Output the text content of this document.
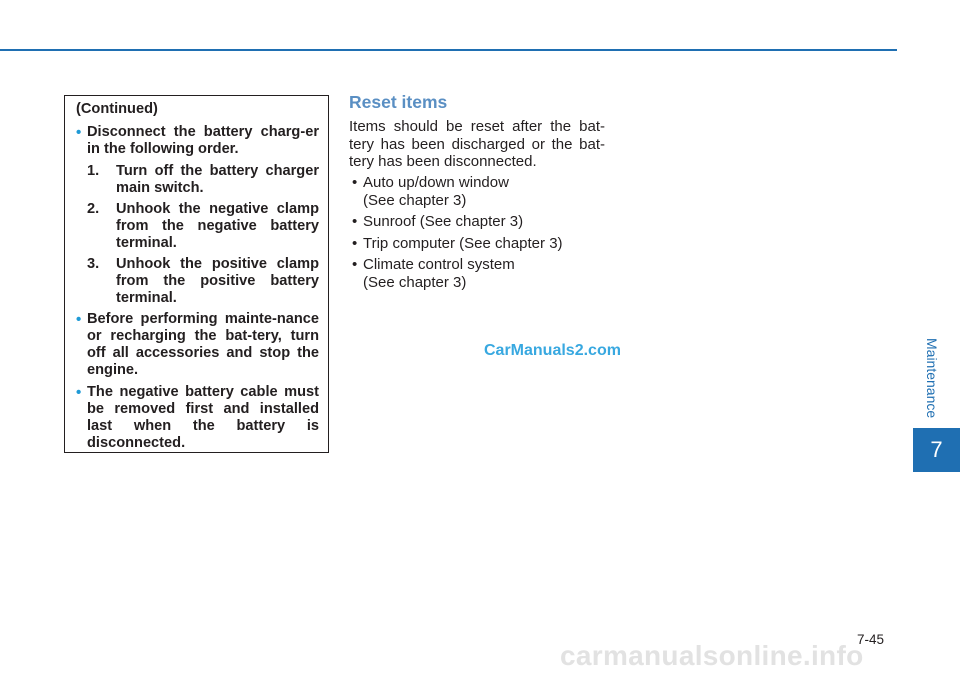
(Continued)

• Disconnect the battery charg-er in the following order.

1. Turn off the battery charger main switch.

2. Unhook the negative clamp from the negative battery terminal.

3. Unhook the positive clamp from the positive battery terminal.

• Before performing mainte-nance or recharging the bat-tery, turn off all accessories and stop the engine.

• The negative battery cable must be removed first and installed last when the battery is disconnected.

Reset items

Items should be reset after the bat-tery has been discharged or the bat-tery has been disconnected.

• Auto up/down window
(See chapter 3)
• Sunroof (See chapter 3)
• Trip computer (See chapter 3)
• Climate control system
(See chapter 3)

CarManuals2.com	Maintenance
7
7-45

carmanualsonline.info
